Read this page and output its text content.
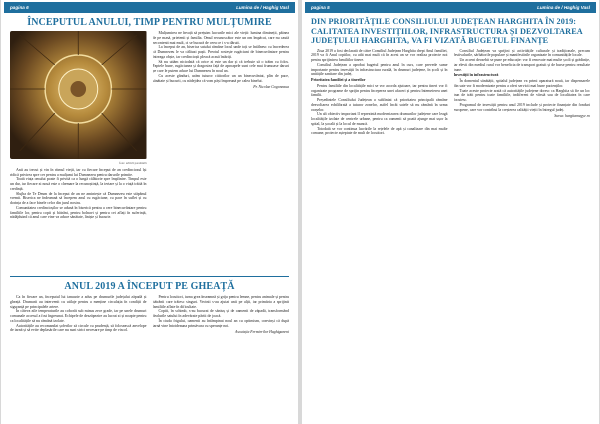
pagina 6	Lumina de / Haghig Vasl
ÎNCEPUTUL ANULUI, TIMP PENTRU MULȚUMIRE
foto: arhivă parohială

Anii au trecut și vin în ritmul vieții, iar cu fiecare început de an credinciosul își ridică privirea spre cer pentru a mulțumi lui Dumnezeu pentru darurile primite.

Toată viața omului poate fi privită ca o lungă călătorie spre împlinire. Timpul este un dar, iar fiecare zi nouă este o chemare la recunoștință, la iertare și la o viață trăită în credință.

Slujba de Te Deum de la început de an ne amintește că Dumnezeu este stăpânul vremii. Biserica ne îndeamnă să începem anul cu rugăciune, cu pace în suflet și cu dorința de a face binele celor din jurul nostru.

Comunitatea credincioșilor se adună în biserică pentru a cere binecuvântare pentru familiile lor, pentru copii și bătrâni, pentru bolnavi și pentru cei aflați în suferință, nădăjduind că anul care vine va aduce sănătate, liniște și bucurie.

Mulțumirea ne învață să prețuim lucrurile mici ale vieții: lumina dimineții, pâinea de pe masă, prietenii și familia. Omul recunoscător este un om împăcat, care nu caută necontenit mai mult, ci se bucură de ceea ce i s-a dăruit.

La început de an, biserica satului rămâne locul unde toți se întâlnesc cu încrederea că Dumnezeu le va călăuzi pașii. Preotul rostește rugăciuni de binecuvântare pentru întreaga obște, iar credincioșii pleacă acasă întăriți.

Să nu uităm niciodată că orice zi este un dar și că trebuie să o trăim cu folos. Faptele bune, rugăciunea și dragostea față de aproapele sunt cele mai frumoase daruri pe care le putem aduce lui Dumnezeu în noul an.

Cu aceste gânduri, urăm tuturor cititorilor un an binecuvântat, plin de pace, sănătate și bucurii, cu nădejdea că vom păși împreună pe calea binelui.

Pr. Nicolae Gogoneaua
ANUL 2019 A ÎNCEPUT PE GHEAȚĂ

Ca în fiecare an, începutul lui ianuarie a adus pe drumurile județului zăpadă și gheață. Drumarii au intervenit cu utilaje pentru a menține circulația în condiții de siguranță pe principalele artere.

În câteva zile temperaturile au coborât sub minus zece grade, iar pe unele drumuri comunale accesul a fost îngreunat. Echipele de deszăpezire au lucrat zi și noapte pentru ca localitățile să nu rămână izolate.

Autoritățile au recomandat șoferilor să circule cu prudență, să folosească anvelope de iarnă și să evite deplasările care nu sunt strict necesare pe timp de viscol.

Pentru locuitori, iarna grea înseamnă și grija pentru lemne, pentru animale și pentru bătrânii care trăiesc singuri. Vecinii s-au ajutat unii pe alții, iar primăria a sprijinit familiile aflate în dificultate.

Copiii, în schimb, s-au bucurat de săniuș și de oamenii de zăpadă, transformând dealurile satului în adevărate pârtii de joacă.

În ciuda frigului, oamenii au întâmpinat noul an cu optimism, convinși că după iarnă vine întotdeauna primăvara cu speranțe noi.

Asociația Fermierilor Haghiganeni
pagina 5	Lumina de / Haghig Vasl
DIN PRIORITĂȚILE CONSILIULUI JUDEȚEAN HARGHITA ÎN 2019: CALITATEA INVESTIȚIILOR, INFRASTRUCTURA ȘI DEZVOLTAREA JUDEȚULUI HARGHITA, VA FI VIZATĂ BUGETUL FINANȚE

Ziua 2019 a fost declarată de către Consiliul Județean Harghita drept Anul familiei, 2019 va fi Anul copiilor, cu atât mai mult că în acest an se vor realiza proiecte noi pentru sprijinirea familiilor tinere.

Consiliul Județean a aprobat bugetul pentru anul în curs, care prevede sume importante pentru investiții în infrastructura rurală, în drumuri județene, în școli și în unitățile sanitare din județ.

Prioritatea familiei și a tinerilor

Pentru familiile din localitățile mici se vor acorda ajutoare, iar pentru tineri vor fi organizate programe de sprijin pentru începerea unei afaceri și pentru întemeierea unei familii.

Președintele Consiliului Județean a subliniat că prioritatea principală rămâne dezvoltarea echilibrată a tuturor zonelor, astfel încât satele să nu rămână în urma orașelor.

Un alt obiectiv important îl reprezintă modernizarea drumurilor județene care leagă localitățile izolate de centrele urbane, pentru ca oamenii să poată ajunge mai ușor la spital, la școală și la locul de muncă.

Totodată se vor continua lucrările la rețelele de apă și canalizare din mai multe comune, proiecte așteptate de mult de locuitori.

Consiliul Județean va sprijini și activitățile culturale și tradiționale, precum festivalurile, sărbătorile populare și manifestările organizate în comunitățile locale.

Un accent deosebit se pune pe educație: vor fi renovate mai multe școli și grădinițe, iar elevii din mediul rural vor beneficia de transport gratuit și de burse pentru rezultate bune.

Investiții în infrastructură

În domeniul sănătății, spitalul județean va primi aparatură nouă, iar dispensarele din sate vor fi modernizate pentru a oferi servicii mai bune pacienților.

Toate aceste proiecte arată că autoritățile județene doresc ca Harghita să fie un loc bun de trăit pentru toate familiile, indiferent de vârstă sau de localitatea în care locuiesc.

Programul de investiții pentru anul 2019 include și proiecte finanțate din fonduri europene, care vor contribui la creșterea calității vieții în întregul județ.

Sursa: hargitamegye.ro
